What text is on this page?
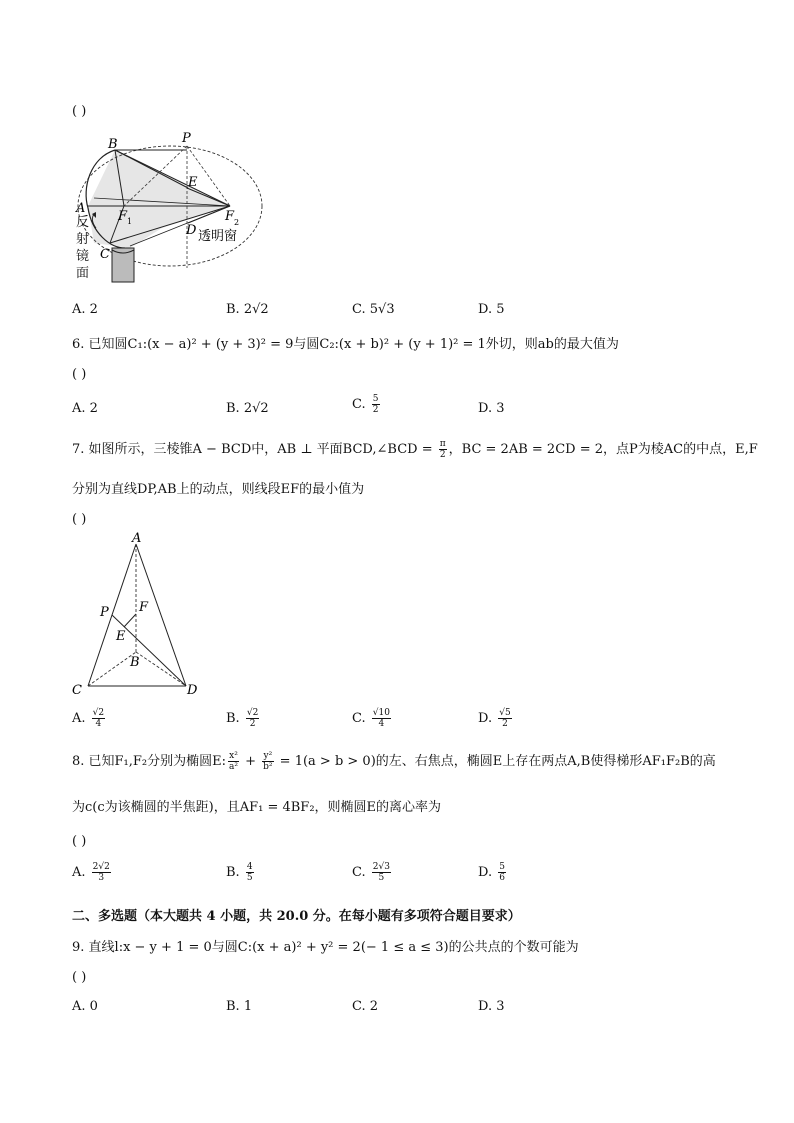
( )
P
B
E
A
F 1	F 2
D
C
透明窗
反射镜面
A. 2	B. 2√2	C. 5√3	D. 5
6. 已知圆C₁:(x − a)² + (y + 3)² = 9与圆C₂:(x + b)² + (y + 1)² = 1外切，则ab的最大值为
( )
A. 2	B. 2√2	C. $\frac{5}{2}$	D. 3
7. 如图所示，三棱锥A − BCD中，AB ⊥ 平面BCD,∠BCD = $\frac{\pi}{2}$ ，BC = 2AB = 2CD = 2，点P为棱AC的中点，E,F
分别为直线DP,AB上的动点，则线段EF的最小值为
( )
A
P F
E
B
C	D
A. $\frac{√2}{4}$	B. $\frac{√2}{2}$	C. $\frac{√10}{4}$	D. $\frac{√5}{2}$
8. 已知F₁,F₂分别为椭圆E: $\frac{\text{x²}}{\text{a²}} + \frac{\text{y²}}{\text{b²}} = 1(a > b > 0)$的左、右焦点，椭圆E上存在两点A,B使得梯形AF₁F₂B的高
为c(c为该椭圆的半焦距)，且AF₁ = 4BF₂，则椭圆E的离心率为
( )
A. $\frac{2√2}{3}$	B. $\frac{4}{5}$	C. $\frac{2√3}{5}$	D. $\frac{5}{6}$
二、多选题（本大题共 4 小题，共 20.0 分。在每小题有多项符合题目要求）
9. 直线l:x − y + 1 = 0与圆C:(x + a)² + y² = 2(− 1 ≤ a ≤ 3)的公共点的个数可能为
( )
A. 0	B. 1	C. 2	D. 3
